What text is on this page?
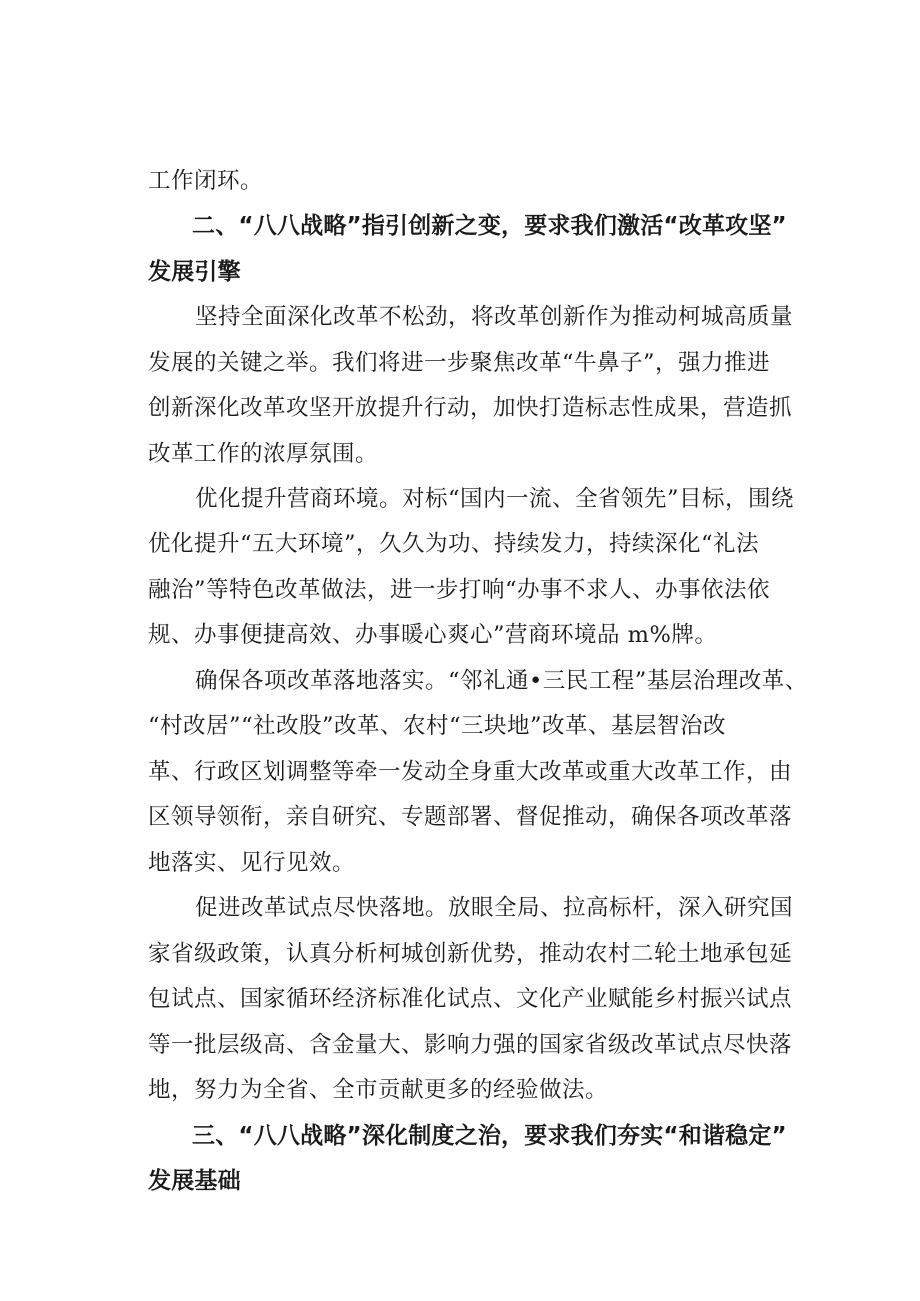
工作闭环。
二、“八八战略”指引创新之变，要求我们激活“改革攻坚”
发展引擎
坚持全面深化改革不松劲，将改革创新作为推动柯城高质量
发展的关键之举。我们将进一步聚焦改革“牛鼻子”，强力推进
创新深化改革攻坚开放提升行动，加快打造标志性成果，营造抓
改革工作的浓厚氛围。
优化提升营商环境。对标“国内一流、全省领先”目标，围绕
优化提升“五大环境”，久久为功、持续发力，持续深化“礼法
融治”等特色改革做法，进一步打响“办事不求人、办事依法依
规、办事便捷高效、办事暖心爽心”营商环境品 m%牌。
确保各项改革落地落实。“邻礼通•三民工程”基层治理改革、
“村改居”“社改股”改革、农村“三块地”改革、基层智治改
革、行政区划调整等牵一发动全身重大改革或重大改革工作，由
区领导领衔，亲自研究、专题部署、督促推动，确保各项改革落
地落实、见行见效。
促进改革试点尽快落地。放眼全局、拉高标杆，深入研究国
家省级政策，认真分析柯城创新优势，推动农村二轮土地承包延
包试点、国家循环经济标准化试点、文化产业赋能乡村振兴试点
等一批层级高、含金量大、影响力强的国家省级改革试点尽快落
地，努力为全省、全市贡献更多的经验做法。
三、“八八战略”深化制度之治，要求我们夯实“和谐稳定”
发展基础
